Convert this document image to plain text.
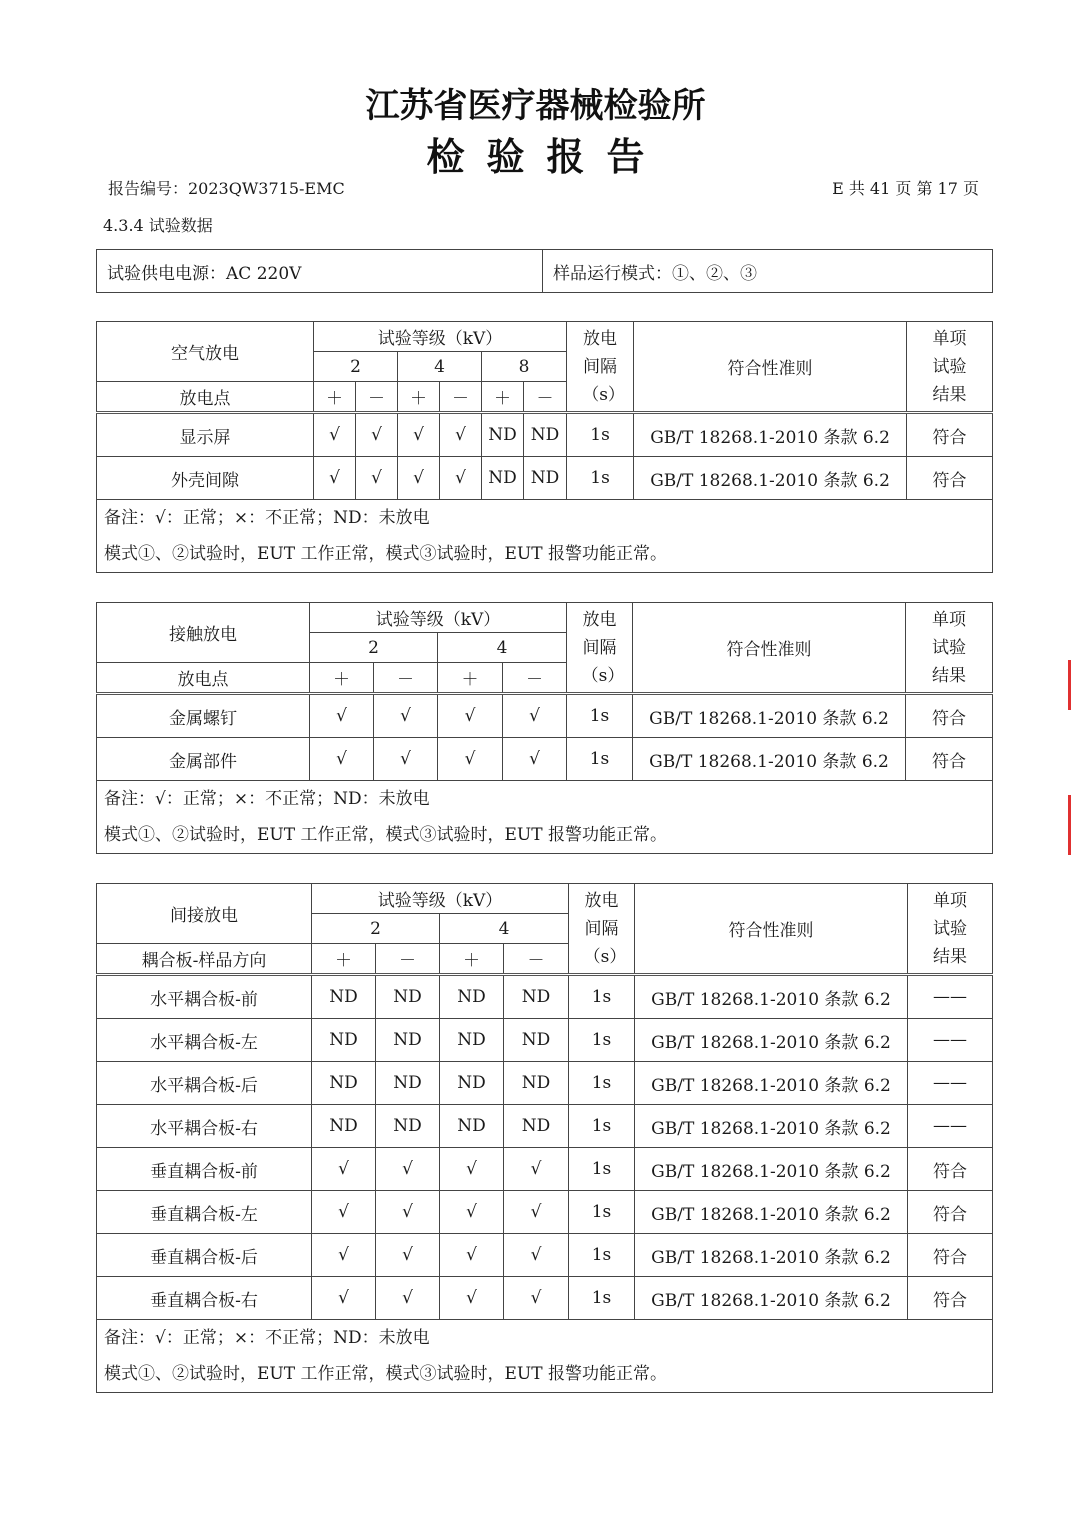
江苏省医疗器械检验所
检验报告
报告编号：2023QW3715-EMC	E 共 41 页 第 17 页
4.3.4 试验数据
试验供电电源：AC 220V	样品运行模式：①、②、③
空气放电	试验等级（kV）						放电间隔（s）	符合性准则	单项试验结果
	2		4		8				
放电点	＋	－	＋	－	＋	－			
显示屏	√	√	√	√	ND	ND	1s	GB/T 18268.1-2010 条款 6.2	符合
外壳间隙	√	√	√	√	ND	ND	1s	GB/T 18268.1-2010 条款 6.2	符合

备注：√：正常；×：不正常；ND：未放电
模式①、②试验时，EUT 工作正常，模式③试验时，EUT 报警功能正常。									
接触放电	试验等级（kV）				放电间隔（s）	符合性准则	单项试验结果
	2		4				
放电点	＋	－	＋	－			
金属螺钉	√	√	√	√	1s	GB/T 18268.1-2010 条款 6.2	符合
金属部件	√	√	√	√	1s	GB/T 18268.1-2010 条款 6.2	符合

备注：√：正常；×：不正常；ND：未放电
模式①、②试验时，EUT 工作正常，模式③试验时，EUT 报警功能正常。							
间接放电	试验等级（kV）				放电间隔（s）	符合性准则	单项试验结果
	2		4				
耦合板-样品方向	＋	－	＋	－			
水平耦合板-前	ND	ND	ND	ND	1s	GB/T 18268.1-2010 条款 6.2	——
水平耦合板-左	ND	ND	ND	ND	1s	GB/T 18268.1-2010 条款 6.2	——
水平耦合板-后	ND	ND	ND	ND	1s	GB/T 18268.1-2010 条款 6.2	——
水平耦合板-右	ND	ND	ND	ND	1s	GB/T 18268.1-2010 条款 6.2	——
垂直耦合板-前	√	√	√	√	1s	GB/T 18268.1-2010 条款 6.2	符合
垂直耦合板-左	√	√	√	√	1s	GB/T 18268.1-2010 条款 6.2	符合
垂直耦合板-后	√	√	√	√	1s	GB/T 18268.1-2010 条款 6.2	符合
垂直耦合板-右	√	√	√	√	1s	GB/T 18268.1-2010 条款 6.2	符合

备注：√：正常；×：不正常；ND：未放电
模式①、②试验时，EUT 工作正常，模式③试验时，EUT 报警功能正常。							
